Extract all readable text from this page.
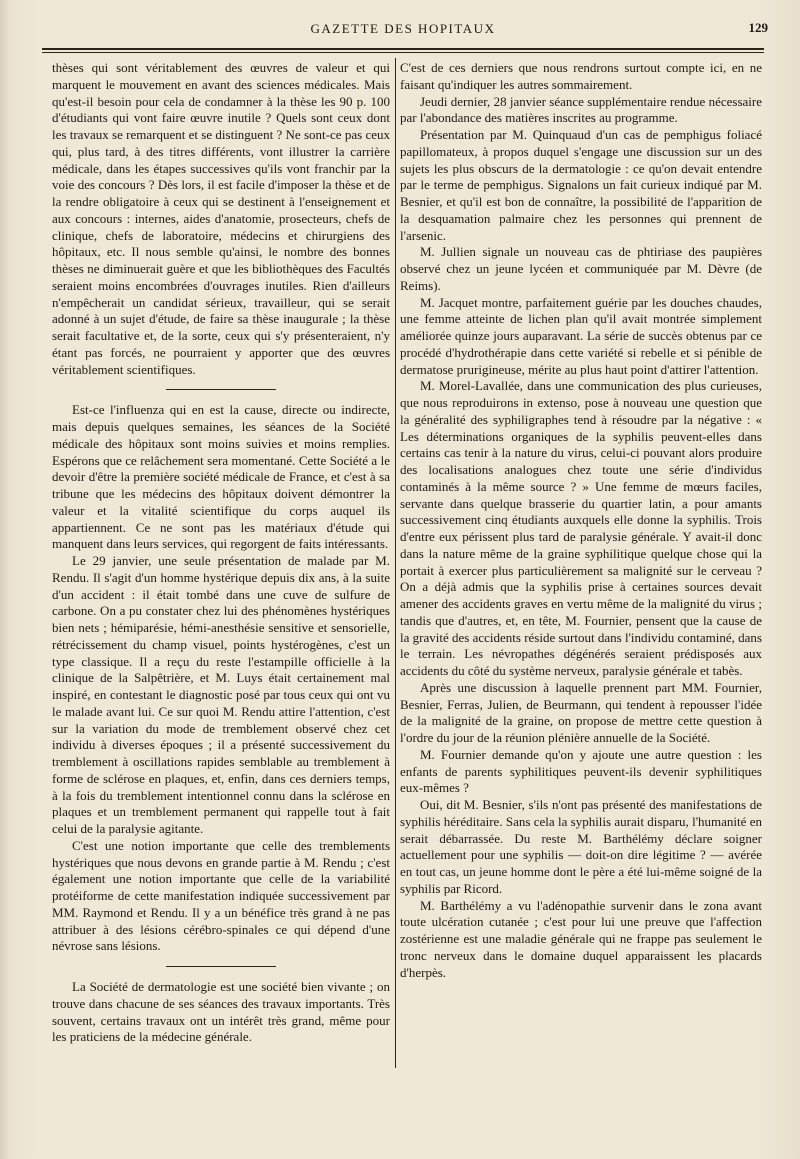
GAZETTE DES HOPITAUX	129

thèses qui sont véritablement des œuvres de valeur et qui marquent le mouvement en avant des sciences médicales. Mais qu'est-il besoin pour cela de condamner à la thèse les 90 p. 100 d'étudiants qui vont faire œuvre inutile ? Quels sont ceux dont les travaux se remarquent et se distinguent ? Ne sont-ce pas ceux qui, plus tard, à des titres différents, vont illustrer la carrière médicale, dans les étapes successives qu'ils vont franchir par la voie des concours ? Dès lors, il est facile d'imposer la thèse et de la rendre obligatoire à ceux qui se destinent à l'enseignement et aux concours : internes, aides d'anatomie, prosecteurs, chefs de clinique, chefs de laboratoire, médecins et chirurgiens des hôpitaux, etc. Il nous semble qu'ainsi, le nombre des bonnes thèses ne diminuerait guère et que les bibliothèques des Facultés seraient moins encombrées d'ouvrages inutiles. Rien d'ailleurs n'empêcherait un candidat sérieux, travailleur, qui se serait adonné à un sujet d'étude, de faire sa thèse inaugurale ; la thèse serait facultative et, de la sorte, ceux qui s'y présenteraient, n'y étant pas forcés, ne pourraient y apporter que des œuvres véritablement scientifiques.

Est-ce l'influenza qui en est la cause, directe ou indirecte, mais depuis quelques semaines, les séances de la Société médicale des hôpitaux sont moins suivies et moins remplies. Espérons que ce relâchement sera momentané. Cette Société a le devoir d'être la première société médicale de France, et c'est à sa tribune que les médecins des hôpitaux doivent démontrer la valeur et la vitalité scientifique du corps auquel ils appartiennent. Ce ne sont pas les matériaux d'étude qui manquent dans leurs services, qui regorgent de faits intéressants.

Le 29 janvier, une seule présentation de malade par M. Rendu. Il s'agit d'un homme hystérique depuis dix ans, à la suite d'un accident : il était tombé dans une cuve de sulfure de carbone. On a pu constater chez lui des phénomènes hystériques bien nets ; hémiparésie, hémi-anesthésie sensitive et sensorielle, rétrécissement du champ visuel, points hystérogènes, c'est un type classique. Il a reçu du reste l'estampille officielle à la clinique de la Salpêtrière, et M. Luys était certainement mal inspiré, en contestant le diagnostic posé par tous ceux qui ont vu le malade avant lui. Ce sur quoi M. Rendu attire l'attention, c'est sur la variation du mode de tremblement observé chez cet individu à diverses époques ; il a présenté successivement du tremblement à oscillations rapides semblable au tremblement à forme de sclérose en plaques, et, enfin, dans ces derniers temps, à la fois du tremblement intentionnel connu dans la sclérose en plaques et un tremblement permanent qui rappelle tout à fait celui de la paralysie agitante.

C'est une notion importante que celle des tremblements hystériques que nous devons en grande partie à M. Rendu ; c'est également une notion importante que celle de la variabilité protéiforme de cette manifestation indiquée successivement par MM. Raymond et Rendu. Il y a un bénéfice très grand à ne pas attribuer à des lésions cérébro-spinales ce qui dépend d'une névrose sans lésions.

La Société de dermatologie est une société bien vivante ; on trouve dans chacune de ses séances des travaux importants. Très souvent, certains travaux ont un intérêt très grand, même pour les praticiens de la médecine générale.

C'est de ces derniers que nous rendrons surtout compte ici, en ne faisant qu'indiquer les autres sommairement.

Jeudi dernier, 28 janvier séance supplémentaire rendue nécessaire par l'abondance des matières inscrites au programme.

Présentation par M. Quinquaud d'un cas de pemphigus foliacé papillomateux, à propos duquel s'engage une discussion sur un des sujets les plus obscurs de la dermatologie : ce qu'on devait entendre par le terme de pemphigus. Signalons un fait curieux indiqué par M. Besnier, et qu'il est bon de connaître, la possibilité de l'apparition de la desquamation palmaire chez les personnes qui prennent de l'arsenic.

M. Jullien signale un nouveau cas de phtiriase des paupières observé chez un jeune lycéen et communiquée par M. Dèvre (de Reims).

M. Jacquet montre, parfaitement guérie par les douches chaudes, une femme atteinte de lichen plan qu'il avait montrée simplement améliorée quinze jours auparavant. La série de succès obtenus par ce procédé d'hydrothérapie dans cette variété si rebelle et si pénible de dermatose prurigineuse, mérite au plus haut point d'attirer l'attention.

M. Morel-Lavallée, dans une communication des plus curieuses, que nous reproduirons in extenso, pose à nouveau une question que la généralité des syphiligraphes tend à résoudre par la négative : « Les déterminations organiques de la syphilis peuvent-elles dans certains cas tenir à la nature du virus, celui-ci pouvant alors produire des localisations analogues chez toute une série d'individus contaminés à la même source ? » Une femme de mœurs faciles, servante dans quelque brasserie du quartier latin, a pour amants successivement cinq étudiants auxquels elle donne la syphilis. Trois d'entre eux périssent plus tard de paralysie générale. Y avait-il donc dans la nature même de la graine syphilitique quelque chose qui la portait à exercer plus particulièrement sa malignité sur le cerveau ? On a déjà admis que la syphilis prise à certaines sources devait amener des accidents graves en vertu même de la malignité du virus ; tandis que d'autres, et, en tête, M. Fournier, pensent que la cause de la gravité des accidents réside surtout dans l'individu contaminé, dans le terrain. Les névropathes dégénérés seraient prédisposés aux accidents du côté du système nerveux, paralysie générale et tabès.

Après une discussion à laquelle prennent part MM. Fournier, Besnier, Ferras, Julien, de Beurmann, qui tendent à repousser l'idée de la malignité de la graine, on propose de mettre cette question à l'ordre du jour de la réunion plénière annuelle de la Société.

M. Fournier demande qu'on y ajoute une autre question : les enfants de parents syphilitiques peuvent-ils devenir syphilitiques eux-mêmes ?

Oui, dit M. Besnier, s'ils n'ont pas présenté des manifestations de syphilis héréditaire. Sans cela la syphilis aurait disparu, l'humanité en serait débarrassée. Du reste M. Barthélémy déclare soigner actuellement pour une syphilis — doit-on dire légitime ? — avérée en tout cas, un jeune homme dont le père a été lui-même soigné de la syphilis par Ricord.

M. Barthélémy a vu l'adénopathie survenir dans le zona avant toute ulcération cutanée ; c'est pour lui une preuve que l'affection zostérienne est une maladie générale qui ne frappe pas seulement le tronc nerveux dans le domaine duquel apparaissent les placards d'herpès.
